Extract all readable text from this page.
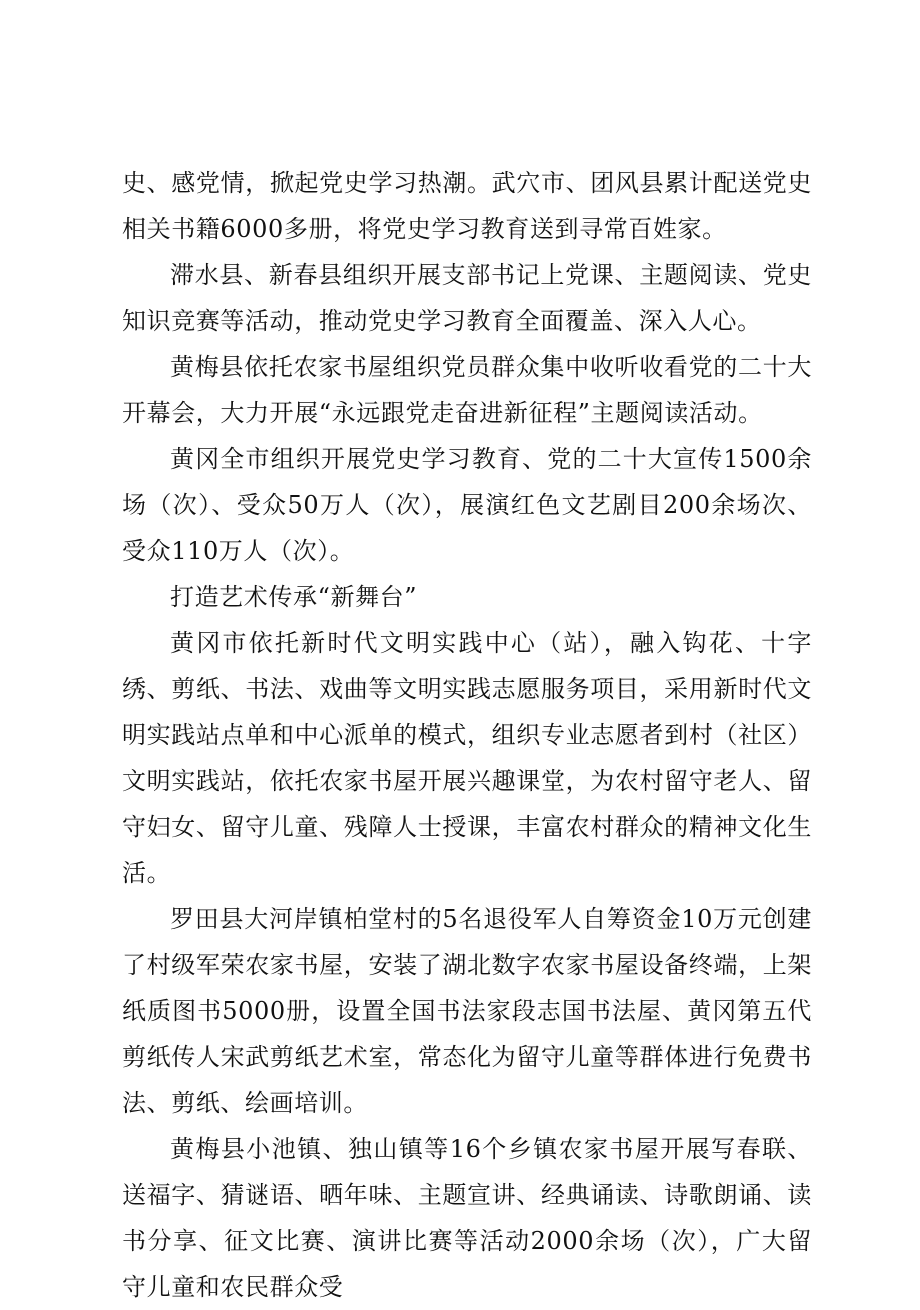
史、感党情，掀起党史学习热潮。武穴市、团风县累计配送党史相关书籍6000多册，将党史学习教育送到寻常百姓家。

滞水县、新春县组织开展支部书记上党课、主题阅读、党史知识竞赛等活动，推动党史学习教育全面覆盖、深入人心。

黄梅县依托农家书屋组织党员群众集中收听收看党的二十大开幕会，大力开展“永远跟党走奋进新征程”主题阅读活动。

黄冈全市组织开展党史学习教育、党的二十大宣传1500余场（次）、受众50万人（次），展演红色文艺剧目200余场次、受众110万人（次）。

打造艺术传承“新舞台”

黄冈市依托新时代文明实践中心（站），融入钩花、十字绣、剪纸、书法、戏曲等文明实践志愿服务项目，采用新时代文明实践站点单和中心派单的模式，组织专业志愿者到村（社区）文明实践站，依托农家书屋开展兴趣课堂，为农村留守老人、留守妇女、留守儿童、残障人士授课，丰富农村群众的精神文化生活。

罗田县大河岸镇柏堂村的5名退役军人自筹资金10万元创建了村级军荣农家书屋，安装了湖北数字农家书屋设备终端，上架纸质图书5000册，设置全国书法家段志国书法屋、黄冈第五代剪纸传人宋武剪纸艺术室，常态化为留守儿童等群体进行免费书法、剪纸、绘画培训。

黄梅县小池镇、独山镇等16个乡镇农家书屋开展写春联、送福字、猜谜语、晒年味、主题宣讲、经典诵读、诗歌朗诵、读书分享、征文比赛、演讲比赛等活动2000余场（次），广大留守儿童和农民群众受
